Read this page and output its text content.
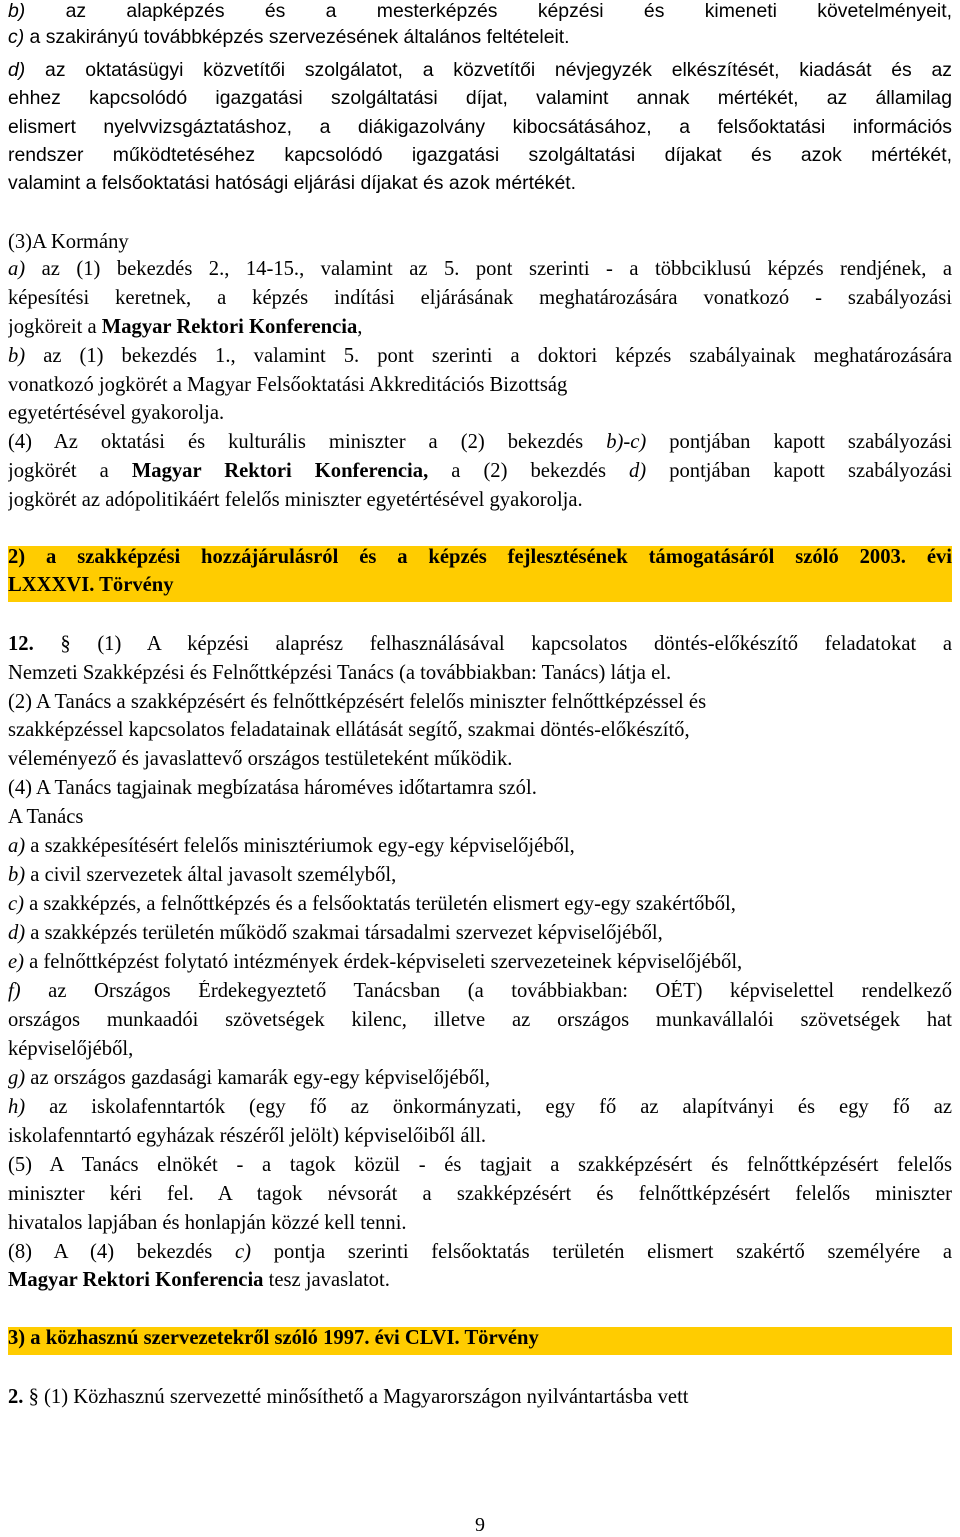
b) az alapképzés és a mesterképzés képzési és kimeneti követelményeit,
c) a szakirányú továbbképzés szervezésének általános feltételeit.
d) az oktatásügyi közvetítői szolgálatot, a közvetítői névjegyzék elkészítését, kiadását és az
ehhez kapcsolódó igazgatási szolgáltatási díjat, valamint annak mértékét, az államilag
elismert nyelvvizsgáztatáshoz, a diákigazolvány kibocsátásához, a felsőoktatási információs
rendszer működtetéséhez kapcsolódó igazgatási szolgáltatási díjakat és azok mértékét,
valamint a felsőoktatási hatósági eljárási díjakat és azok mértékét.
(3)A Kormány
a) az (1) bekezdés 2., 14-15., valamint az 5. pont szerinti - a többciklusú képzés rendjének, a
képesítési keretnek, a képzés indítási eljárásának meghatározására vonatkozó - szabályozási
jogköreit a Magyar Rektori Konferencia,
b) az (1) bekezdés 1., valamint 5. pont szerinti a doktori képzés szabályainak meghatározására
vonatkozó jogkörét a Magyar Felsőoktatási Akkreditációs Bizottság
egyetértésével gyakorolja.
(4) Az oktatási és kulturális miniszter a (2) bekezdés b)-c) pontjában kapott szabályozási
jogkörét a Magyar Rektori Konferencia, a (2) bekezdés d) pontjában kapott szabályozási
jogkörét az adópolitikáért felelős miniszter egyetértésével gyakorolja.
2) a szakképzési hozzájárulásról és a képzés fejlesztésének támogatásáról szóló 2003. évi
LXXXVI. Törvény
12. § (1) A képzési alaprész felhasználásával kapcsolatos döntés-előkészítő feladatokat a
Nemzeti Szakképzési és Felnőttképzési Tanács (a továbbiakban: Tanács) látja el.
(2) A Tanács a szakképzésért és felnőttképzésért felelős miniszter felnőttképzéssel és
szakképzéssel kapcsolatos feladatainak ellátását segítő, szakmai döntés-előkészítő,
véleményező és javaslattevő országos testületeként működik.
(4) A Tanács tagjainak megbízatása hároméves időtartamra szól.
A Tanács
a) a szakképesítésért felelős minisztériumok egy-egy képviselőjéből,
b) a civil szervezetek által javasolt személyből,
c) a szakképzés, a felnőttképzés és a felsőoktatás területén elismert egy-egy szakértőből,
d) a szakképzés területén működő szakmai társadalmi szervezet képviselőjéből,
e) a felnőttképzést folytató intézmények érdek-képviseleti szervezeteinek képviselőjéből,
f) az Országos Érdekegyeztető Tanácsban (a továbbiakban: OÉT) képviselettel rendelkező
országos munkaadói szövetségek kilenc, illetve az országos munkavállalói szövetségek hat
képviselőjéből,
g) az országos gazdasági kamarák egy-egy képviselőjéből,
h) az iskolafenntartók (egy fő az önkormányzati, egy fő az alapítványi és egy fő az
iskolafenntartó egyházak részéről jelölt) képviselőiből áll.
(5) A Tanács elnökét - a tagok közül - és tagjait a szakképzésért és felnőttképzésért felelős
miniszter kéri fel. A tagok névsorát a szakképzésért és felnőttképzésért felelős miniszter
hivatalos lapjában és honlapján közzé kell tenni.
(8) A (4) bekezdés c) pontja szerinti felsőoktatás területén elismert szakértő személyére a
Magyar Rektori Konferencia tesz javaslatot.
3) a közhasznú szervezetekről szóló 1997. évi CLVI. Törvény
2. § (1) Közhasznú szervezetté minősíthető a Magyarországon nyilvántartásba vett
9
